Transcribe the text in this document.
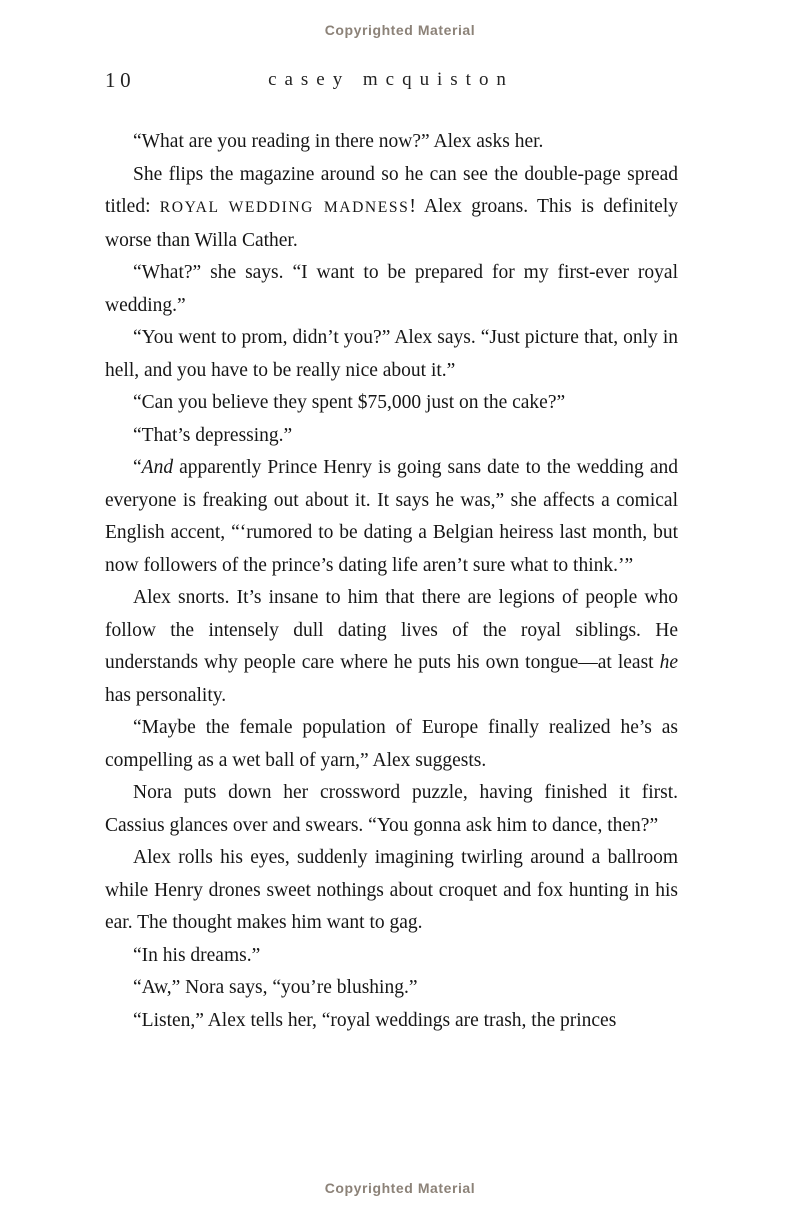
Copyrighted Material
10	casey mcquiston

“What are you reading in there now?” Alex asks her.

She flips the magazine around so he can see the double-page spread titled: ROYAL WEDDING MADNESS! Alex groans. This is definitely worse than Willa Cather.

“What?” she says. “I want to be prepared for my first-ever royal wedding.”

“You went to prom, didn’t you?” Alex says. “Just picture that, only in hell, and you have to be really nice about it.”

“Can you believe they spent $75,000 just on the cake?”

“That’s depressing.”

“And apparently Prince Henry is going sans date to the wedding and everyone is freaking out about it. It says he was,” she affects a comical English accent, “‘rumored to be dating a Belgian heiress last month, but now followers of the prince’s dating life aren’t sure what to think.’”

Alex snorts. It’s insane to him that there are legions of people who follow the intensely dull dating lives of the royal siblings. He understands why people care where he puts his own tongue—at least he has personality.

“Maybe the female population of Europe finally realized he’s as compelling as a wet ball of yarn,” Alex suggests.

Nora puts down her crossword puzzle, having finished it first. Cassius glances over and swears. “You gonna ask him to dance, then?”

Alex rolls his eyes, suddenly imagining twirling around a ballroom while Henry drones sweet nothings about croquet and fox hunting in his ear. The thought makes him want to gag.

“In his dreams.”

“Aw,” Nora says, “you’re blushing.”

“Listen,” Alex tells her, “royal weddings are trash, the princes

Copyrighted Material
